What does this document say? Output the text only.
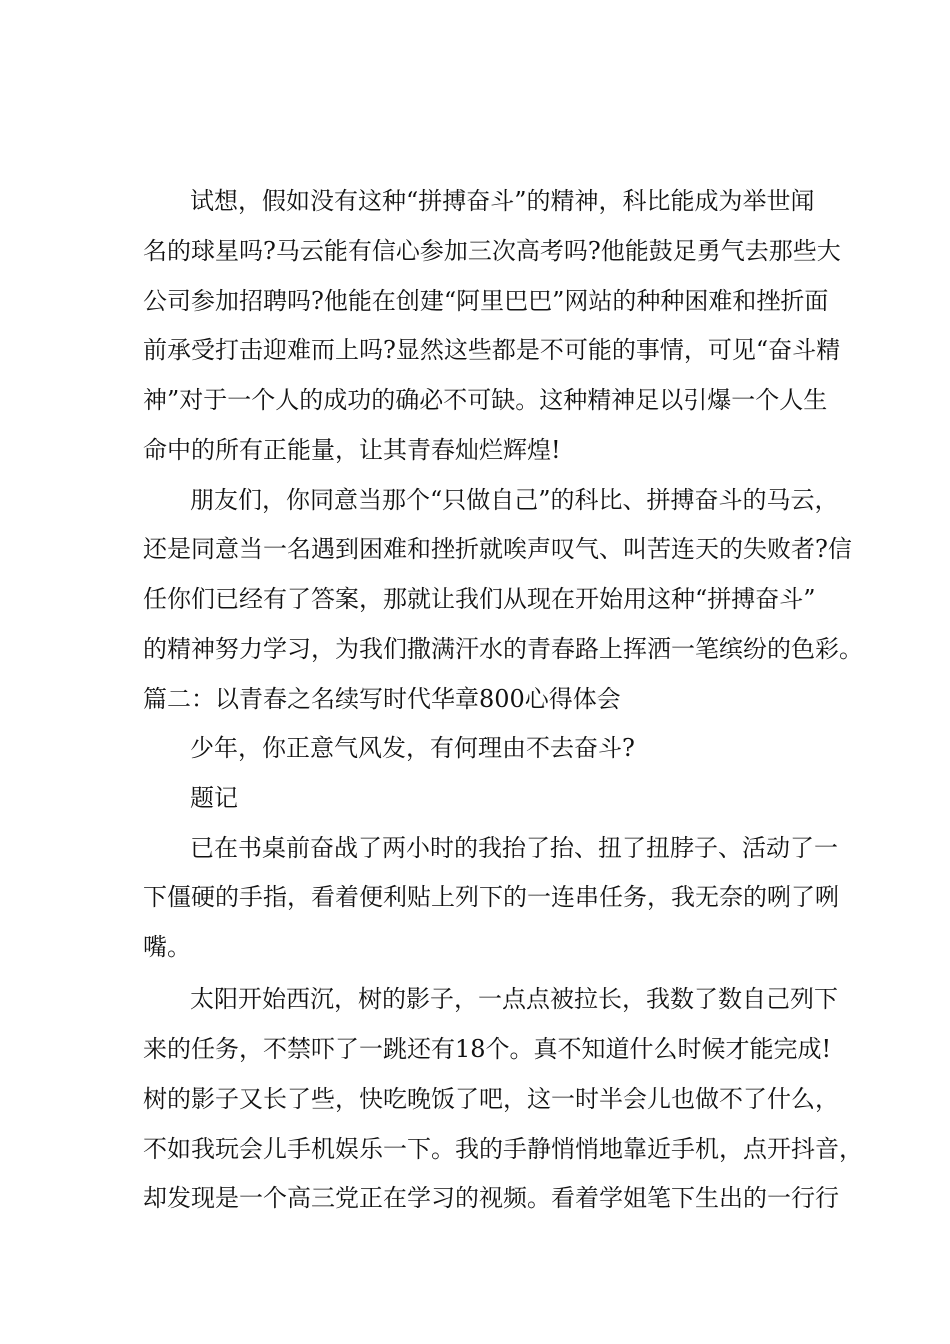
试想，假如没有这种“拼搏奋斗”的精神，科比能成为举世闻
名的球星吗?马云能有信心参加三次高考吗?他能鼓足勇气去那些大
公司参加招聘吗?他能在创建“阿里巴巴”网站的种种困难和挫折面
前承受打击迎难而上吗?显然这些都是不可能的事情，可见“奋斗精
神”对于一个人的成功的确必不可缺。这种精神足以引爆一个人生
命中的所有正能量，让其青春灿烂辉煌!
朋友们，你同意当那个“只做自己”的科比、拼搏奋斗的马云，
还是同意当一名遇到困难和挫折就唉声叹气、叫苦连天的失败者?信
任你们已经有了答案，那就让我们从现在开始用这种“拼搏奋斗”
的精神努力学习，为我们撒满汗水的青春路上挥洒一笔缤纷的色彩。
篇二：以青春之名续写时代华章800心得体会
少年，你正意气风发，有何理由不去奋斗?
题记
已在书桌前奋战了两小时的我抬了抬、扭了扭脖子、活动了一
下僵硬的手指，看着便利贴上列下的一连串任务，我无奈的咧了咧
嘴。
太阳开始西沉，树的影子，一点点被拉长，我数了数自己列下
来的任务，不禁吓了一跳还有18个。真不知道什么时候才能完成!
树的影子又长了些，快吃晚饭了吧，这一时半会儿也做不了什么，
不如我玩会儿手机娱乐一下。我的手静悄悄地靠近手机，点开抖音，
却发现是一个高三党正在学习的视频。看着学姐笔下生出的一行行
